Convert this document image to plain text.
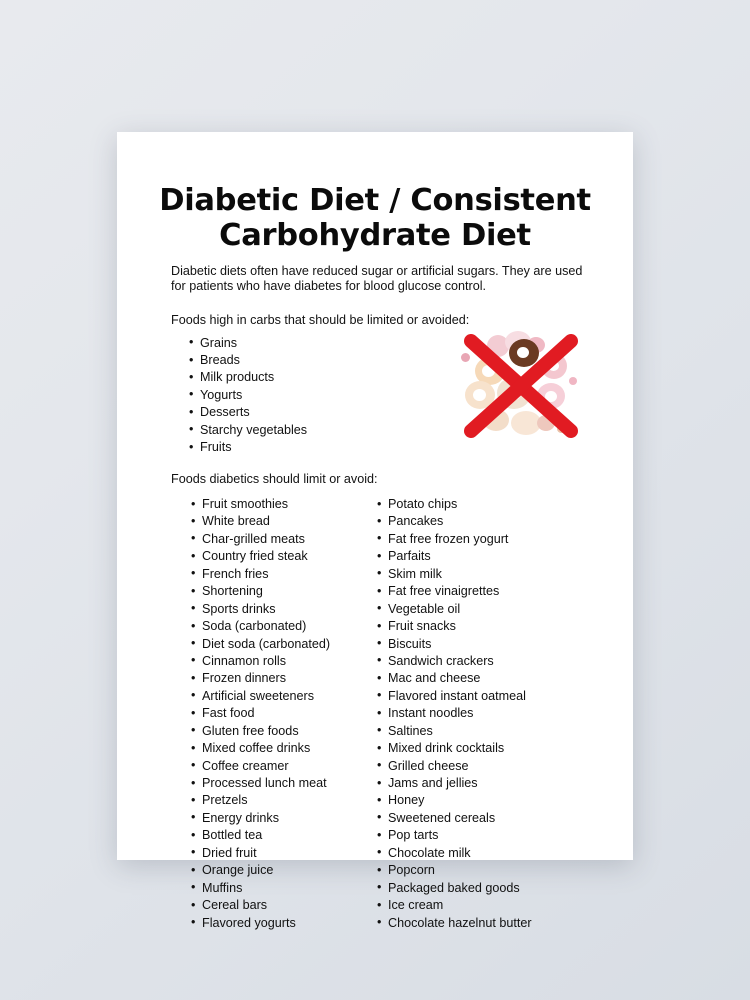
Diabetic Diet / Consistent Carbohydrate Diet

Diabetic diets often have reduced sugar or artificial sugars. They are used for patients who have diabetes for blood glucose control.

Foods high in carbs that should be limited or avoided:

• Grains
• Breads
• Milk products
• Yogurts
• Desserts
• Starchy vegetables
• Fruits

Foods diabetics should limit or avoid:

• Fruit smoothies
• White bread
• Char-grilled meats
• Country fried steak
• French fries
• Shortening
• Sports drinks
• Soda (carbonated)
• Diet soda (carbonated)
• Cinnamon rolls
• Frozen dinners
• Artificial sweeteners
• Fast food
• Gluten free foods
• Mixed coffee drinks
• Coffee creamer
• Processed lunch meat
• Pretzels
• Energy drinks
• Bottled tea
• Dried fruit
• Orange juice
• Muffins
• Cereal bars
• Flavored yogurts
• Potato chips
• Pancakes
• Fat free frozen yogurt
• Parfaits
• Skim milk
• Fat free vinaigrettes
• Vegetable oil
• Fruit snacks
• Biscuits
• Sandwich crackers
• Mac and cheese
• Flavored instant oatmeal
• Instant noodles
• Saltines
• Mixed drink cocktails
• Grilled cheese
• Jams and jellies
• Honey
• Sweetened cereals
• Pop tarts
• Chocolate milk
• Popcorn
• Packaged baked goods
• Ice cream
• Chocolate hazelnut butter
